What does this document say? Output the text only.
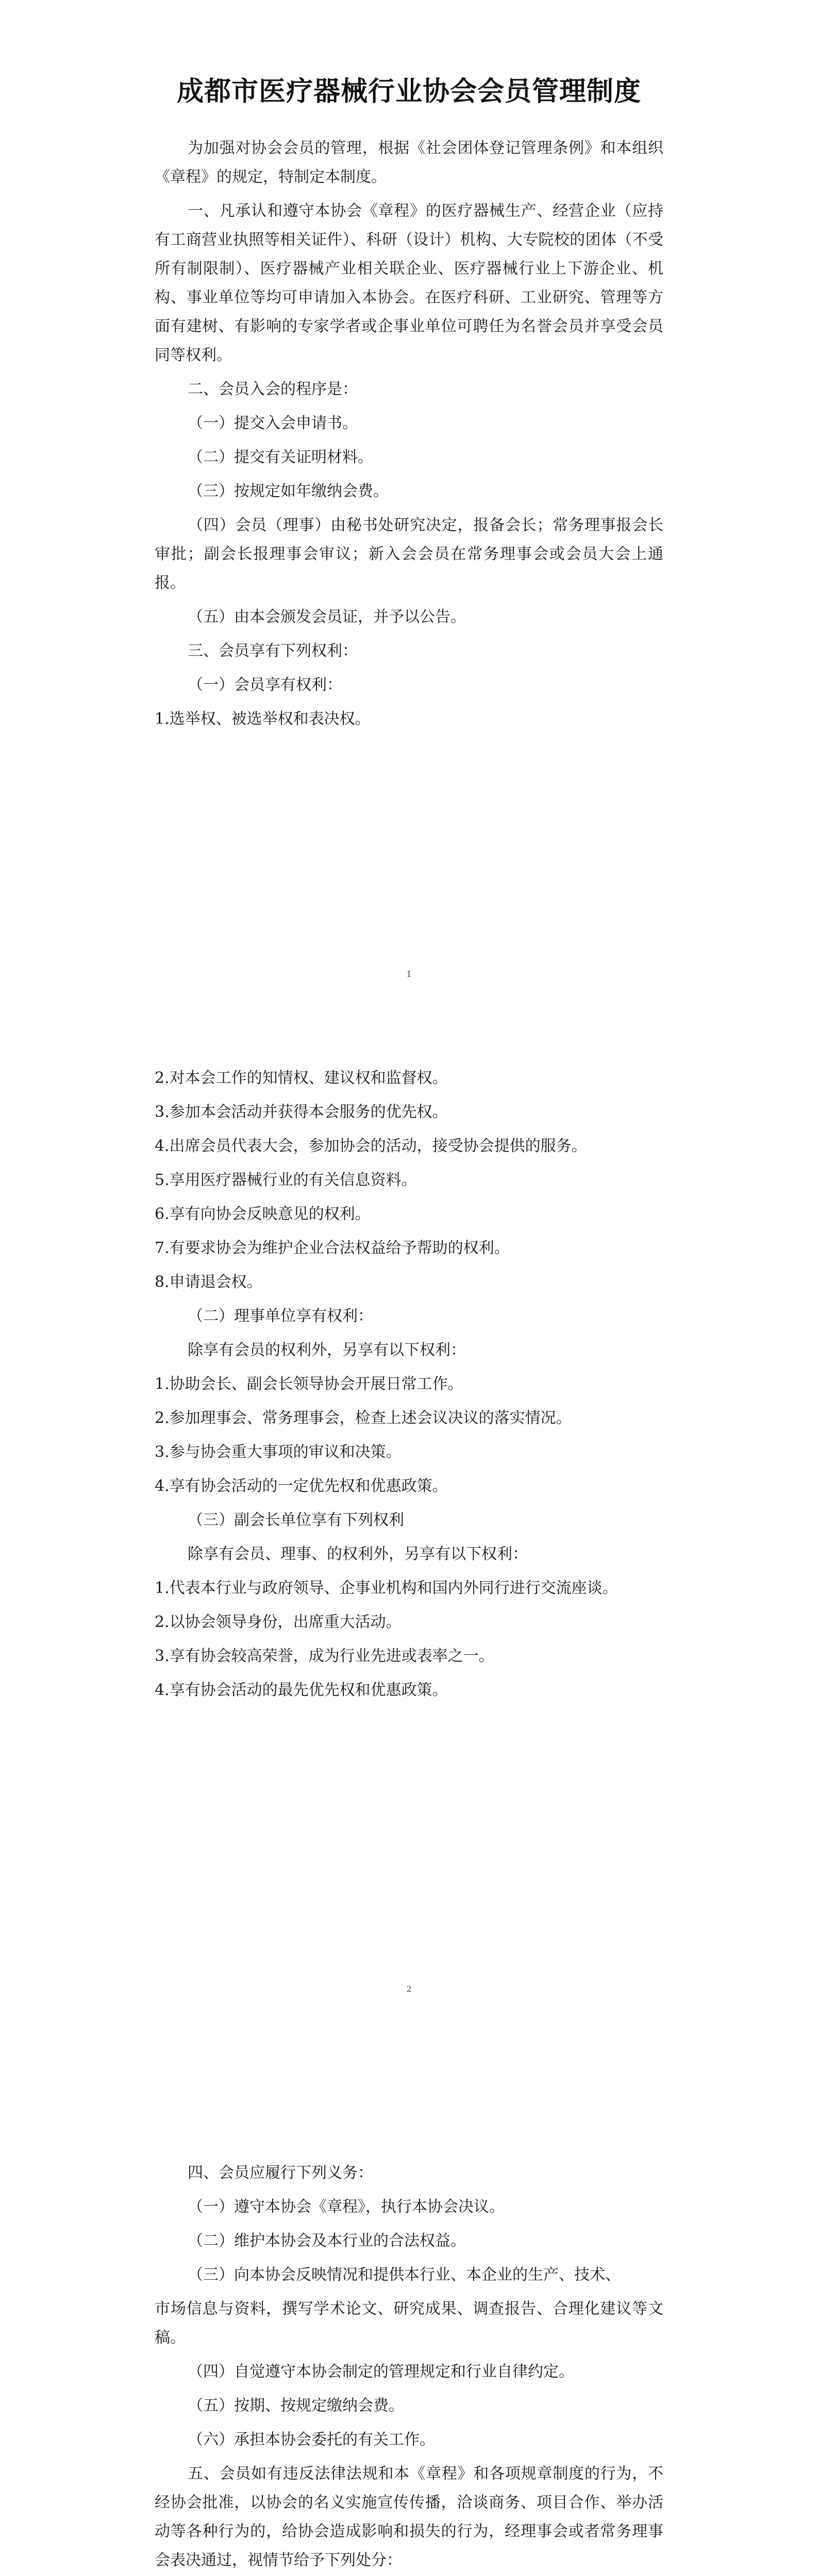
成都市医疗器械行业协会会员管理制度
为加强对协会会员的管理，根据《社会团体登记管理条例》和本组织《章程》的规定，特制定本制度。
一、凡承认和遵守本协会《章程》的医疗器械生产、经营企业（应持有工商营业执照等相关证件）、科研（设计）机构、大专院校的团体（不受所有制限制）、医疗器械产业相关联企业、医疗器械行业上下游企业、机构、事业单位等均可申请加入本协会。在医疗科研、工业研究、管理等方面有建树、有影响的专家学者或企事业单位可聘任为名誉会员并享受会员同等权利。
二、会员入会的程序是：
（一）提交入会申请书。
（二）提交有关证明材料。
（三）按规定如年缴纳会费。
（四）会员（理事）由秘书处研究决定，报备会长；常务理事报会长审批；副会长报理事会审议；新入会会员在常务理事会或会员大会上通报。
（五）由本会颁发会员证，并予以公告。
三、会员享有下列权利：
（一）会员享有权利：
1.选举权、被选举权和表决权。
1
2.对本会工作的知情权、建议权和监督权。
3.参加本会活动并获得本会服务的优先权。
4.出席会员代表大会，参加协会的活动，接受协会提供的服务。
5.享用医疗器械行业的有关信息资料。
6.享有向协会反映意见的权利。
7.有要求协会为维护企业合法权益给予帮助的权利。
8.申请退会权。
（二）理事单位享有权利：
除享有会员的权利外，另享有以下权利：
1.协助会长、副会长领导协会开展日常工作。
2.参加理事会、常务理事会，检查上述会议决议的落实情况。
3.参与协会重大事项的审议和决策。
4.享有协会活动的一定优先权和优惠政策。
（三）副会长单位享有下列权利
除享有会员、理事、的权利外，另享有以下权利：
1.代表本行业与政府领导、企事业机构和国内外同行进行交流座谈。
2.以协会领导身份，出席重大活动。
3.享有协会较高荣誉，成为行业先进或表率之一。
4.享有协会活动的最先优先权和优惠政策。
2
四、会员应履行下列义务：
（一）遵守本协会《章程》，执行本协会决议。
（二）维护本协会及本行业的合法权益。
（三）向本协会反映情况和提供本行业、本企业的生产、技术、
市场信息与资料，撰写学术论文、研究成果、调查报告、合理化建议等文稿。
（四）自觉遵守本协会制定的管理规定和行业自律约定。
（五）按期、按规定缴纳会费。
（六）承担本协会委托的有关工作。
五、会员如有违反法律法规和本《章程》和各项规章制度的行为，不经协会批准，以协会的名义实施宣传传播，洽谈商务、项目合作、举办活动等各种行为的，给协会造成影响和损失的行为，经理事会或者常务理事会表决通过，视情节给予下列处分：
